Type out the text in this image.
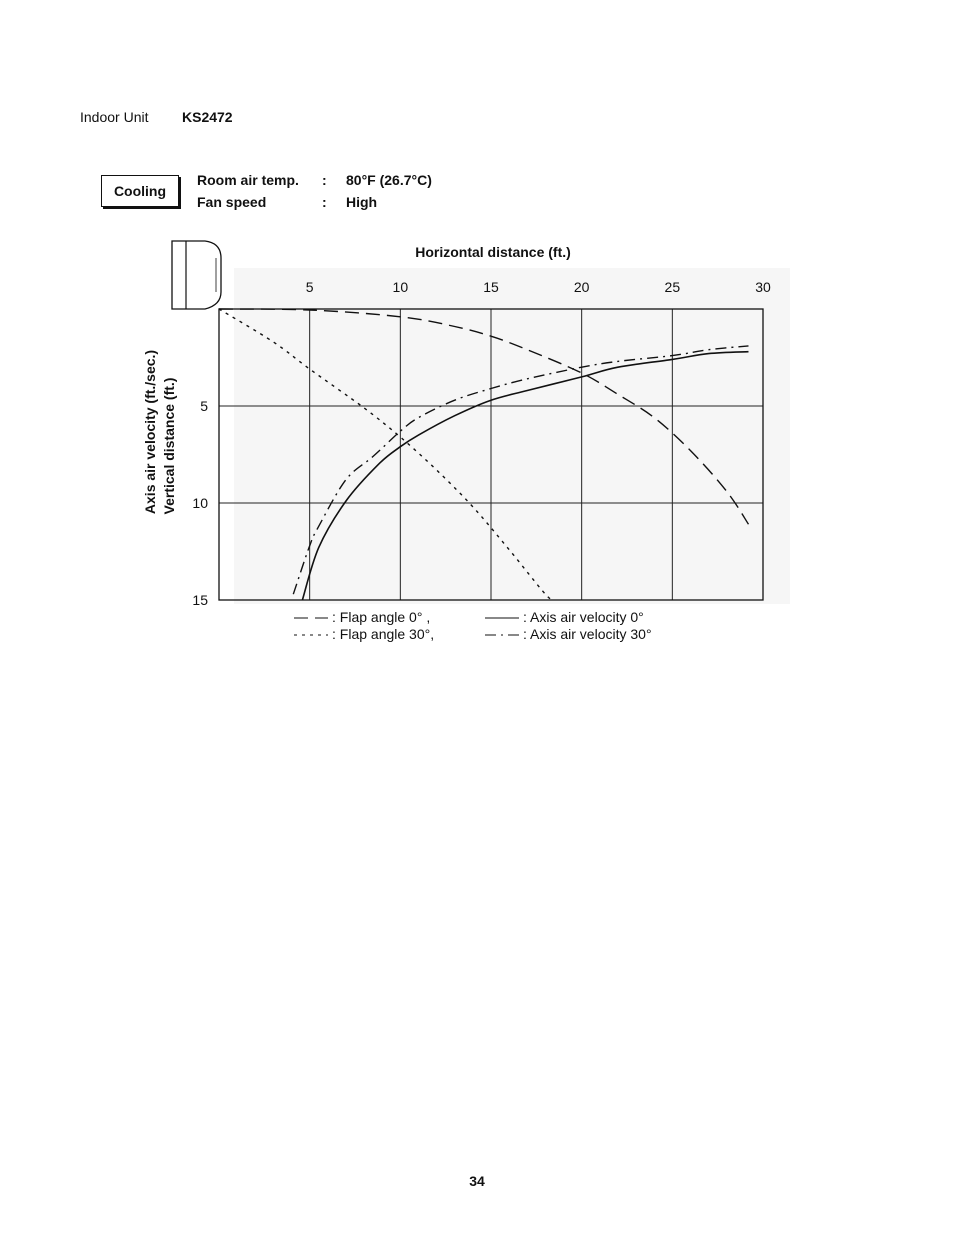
Indoor Unit KS2472
Cooling
Room air temp. : 80°F (26.7°C)
Fan speed	: High
Horizontal distance (ft.)
Axis air velocity (ft./sec.) Vertical distance (ft.)
5	10	15	20	25	30
5
10
15
: Flap angle 0° ,
: Flap angle 30°,
: Axis air velocity 0°
: Axis air velocity 30°
34
